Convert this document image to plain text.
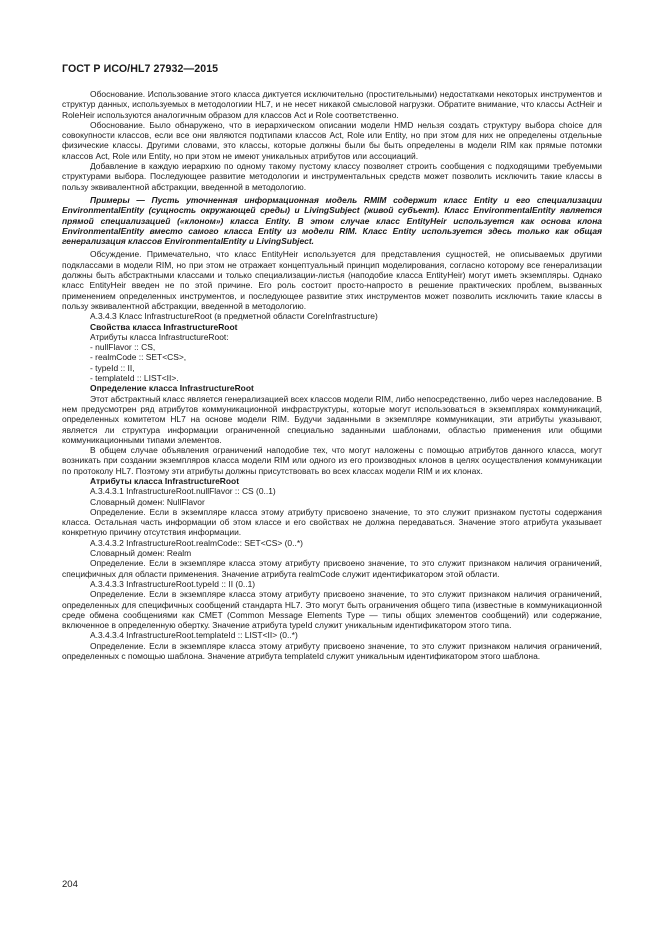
ГОСТ Р ИСО/HL7 27932—2015

Обоснование. Использование этого класса диктуется исключительно (простительными) недостатками некоторых инструментов и структур данных, используемых в методологиии HL7, и не несет никакой смысловой нагрузки. Обратите внимание, что классы ActHeir и RoleHeir используются аналогичным образом для классов Act и Role соответственно.

Обоснование. Было обнаружено, что в иерархическом описании модели HMD нельзя создать структуру выбора choice для совокупности классов, если все они являются подтипами классов Act, Role или Entity, но при этом для них не определены отдельные физические классы. Другими словами, это классы, которые должны были бы быть определены в модели RIM как прямые потомки классов Act, Role или Entity, но при этом не имеют уникальных атрибутов или ассоциаций.

Добавление в каждую иерархию по одному такому пустому классу позволяет строить сообщения с подходящими требуемыми структурами выбора. Последующее развитие методологии и инструментальных средств может позволить исключить такие классы в пользу эквивалентной абстракции, введенной в методологию.

Примеры — Пусть уточненная информационная модель RMIM содержит класс Entity и его специализации EnvironmentalEntity (сущность окружающей среды) и LivingSubject (живой субъект). Класс EnvironmentalEntity является прямой специализацией («клоном») класса Entity. В этом случае класс EntityHeir используется как основа клона EnvironmentalEntity вместо самого класса Entity из модели RIM. Класс Entity используется здесь только как общая генерализация классов EnvironmentalEntity и LivingSubject.

Обсуждение. Примечательно, что класс EntityHeir используется для представления сущностей, не описываемых другими подклассами в модели RIM, но при этом не отражает концептуальный принцип моделирования, согласно которому все генерализации должны быть абстрактными классами и только специализации-листья (наподобие класса EntityHeir) могут иметь экземпляры. Однако класс EntityHeir введен не по этой причине. Его роль состоит просто-напросто в решение практических проблем, вызванных применением определенных инструментов, и последующее развитие этих инструментов может позволить исключить такие классы в пользу эквивалентной абстракции, введенной в методологию.

A.3.4.3 Класс InfrastructureRoot (в предметной области CoreInfrastructure)

Свойства класса InfrastructureRoot

Атрибуты класса InfrastructureRoot:

- nullFlavor :: CS,

- realmCode :: SET<CS>,

- typeId :: II,

- templateId :: LIST<II>.

Определение класса InfrastructureRoot

Этот абстрактный класс является генерализацией всех классов модели RIM, либо непосредственно, либо через наследование. В нем предусмотрен ряд атрибутов коммуникационной инфраструктуры, которые могут использоваться в экземплярах коммуникаций, определенных комитетом HL7 на основе модели RIM. Будучи заданными в экземпляре коммуникации, эти атрибуты указывают, является ли структура информации ограниченной специально заданными шаблонами, областью применения или общими коммуникационными типами элементов.

В общем случае объявления ограничений наподобие тех, что могут наложены с помощью атрибутов данного класса, могут возникать при создании экземпляров класса модели RIM или одного из его производных клонов в целях осуществления коммуникации по протоколу HL7. Поэтому эти атрибуты должны присутствовать во всех классах модели RIM и их клонах.

Атрибуты класса InfrastructureRoot

A.3.4.3.1 InfrastructureRoot.nullFlavor :: CS (0..1)

Словарный домен: NullFlavor

Определение. Если в экземпляре класса этому атрибуту присвоено значение, то это служит признаком пустоты содержания класса. Остальная часть информации об этом классе и его свойствах не должна передаваться. Значение этого атрибута указывает конкретную причину отсутствия информации.

A.3.4.3.2 InfrastructureRoot.realmCode:: SET<CS> (0..*)

Словарный домен: Realm

Определение. Если в экземпляре класса этому атрибуту присвоено значение, то это служит признаком наличия ограничений, специфичных для области применения. Значение атрибута realmCode служит идентификатором этой области.

A.3.4.3.3 InfrastructureRoot.typeId :: II (0..1)

Определение. Если в экземпляре класса этому атрибуту присвоено значение, то это служит признаком наличия ограничений, определенных для специфичных сообщений стандарта HL7. Это могут быть ограничения общего типа (известные в коммуникационной среде обмена сообщениями как CMET (Common Message Elements Type — типы общих элементов сообщений) или содержание, включенное в определенную обертку. Значение атрибута typeId служит уникальным идентификатором этого типа.

A.3.4.3.4 InfrastructureRoot.templateId :: LIST<II> (0..*)

Определение. Если в экземпляре класса этому атрибуту присвоено значение, то это служит признаком наличия ограничений, определенных с помощью шаблона. Значение атрибута templateId служит уникальным идентификатором этого шаблона.

204
